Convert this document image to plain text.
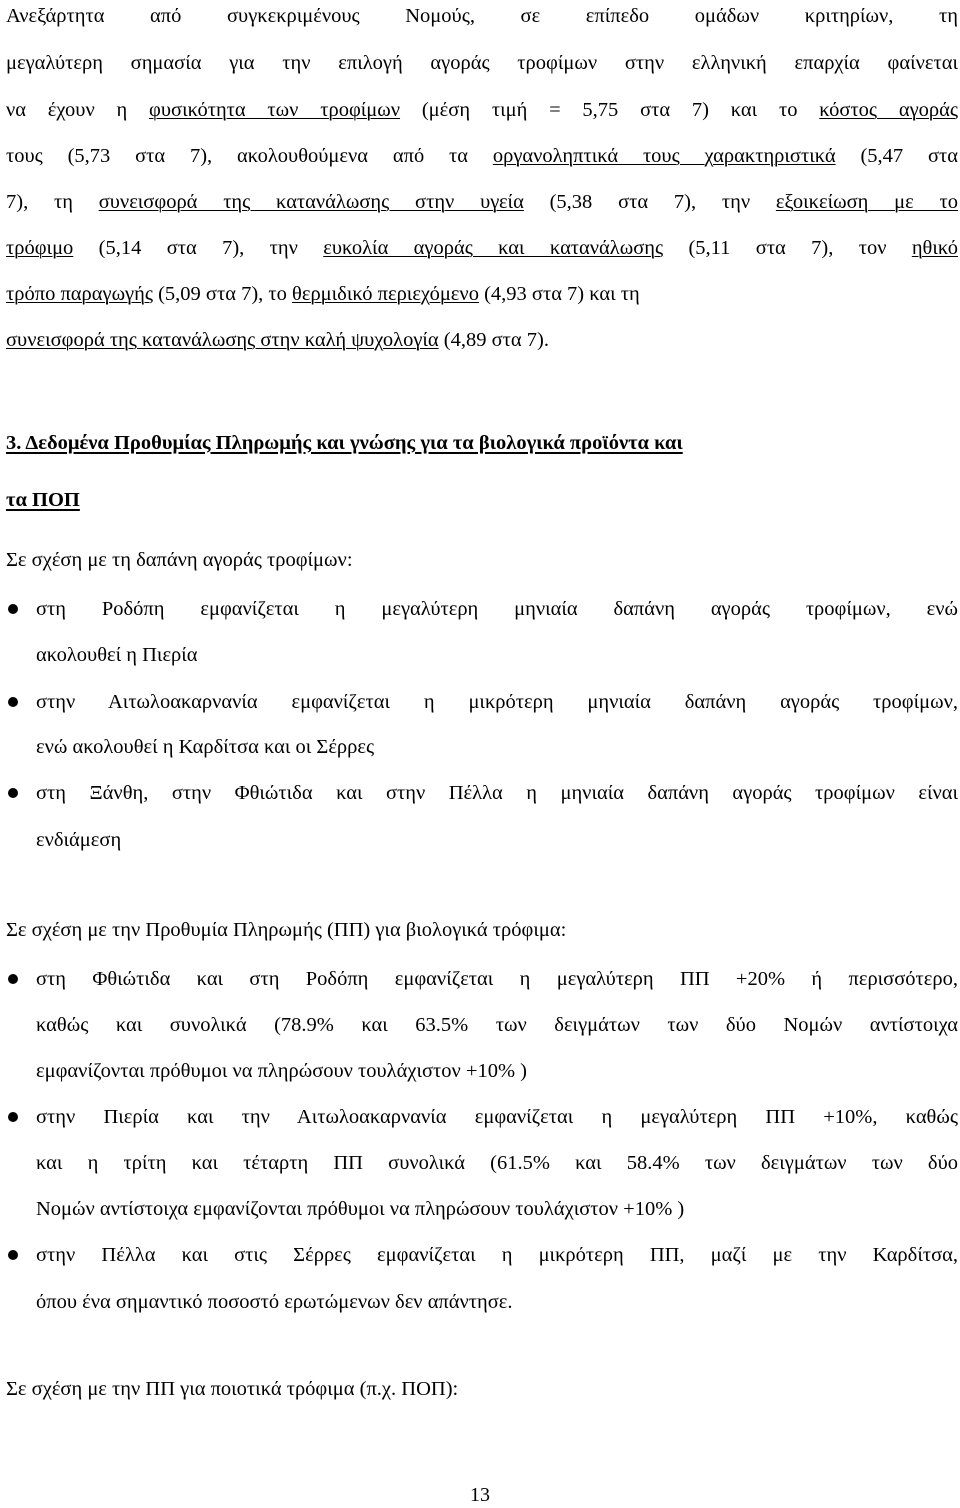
Ανεξάρτητα από συγκεκριμένους Νομούς, σε επίπεδο ομάδων κριτηρίων, τη
μεγαλύτερη σημασία για την επιλογή αγοράς τροφίμων στην ελληνική επαρχία φαίνεται
να έχουν η φυσικότητα των τροφίμων (μέση τιμή = 5,75 στα 7) και το κόστος αγοράς
τους (5,73 στα 7), ακολουθούμενα από τα οργανοληπτικά τους χαρακτηριστικά (5,47 στα
7), τη συνεισφορά της κατανάλωσης στην υγεία (5,38 στα 7), την εξοικείωση με το
τρόφιμο (5,14 στα 7), την ευκολία αγοράς και κατανάλωσης (5,11 στα 7), τον ηθικό
τρόπο παραγωγής (5,09 στα 7), το θερμιδικό περιεχόμενο (4,93 στα 7) και τη
συνεισφορά της κατανάλωσης στην καλή ψυχολογία (4,89 στα 7).
3. Δεδομένα Προθυμίας Πληρωμής και γνώσης για τα βιολογικά προϊόντα και
τα ΠΟΠ
Σε σχέση με τη δαπάνη αγοράς τροφίμων:
στη Ροδόπη εμφανίζεται η μεγαλύτερη μηνιαία δαπάνη αγοράς τροφίμων, ενώ
ακολουθεί η Πιερία
στην Αιτωλοακαρνανία εμφανίζεται η μικρότερη μηνιαία δαπάνη αγοράς τροφίμων,
ενώ ακολουθεί η Καρδίτσα και οι Σέρρες
στη Ξάνθη, στην Φθιώτιδα και στην Πέλλα η μηνιαία δαπάνη αγοράς τροφίμων είναι
ενδιάμεση
Σε σχέση με την Προθυμία Πληρωμής (ΠΠ) για βιολογικά τρόφιμα:
στη Φθιώτιδα και στη Ροδόπη εμφανίζεται η μεγαλύτερη ΠΠ +20% ή περισσότερο,
καθώς και συνολικά (78.9% και 63.5% των δειγμάτων των δύο Νομών αντίστοιχα
εμφανίζονται πρόθυμοι να πληρώσουν τουλάχιστον +10% )
στην Πιερία και την Αιτωλοακαρνανία εμφανίζεται η μεγαλύτερη ΠΠ +10%, καθώς
και η τρίτη και τέταρτη ΠΠ συνολικά (61.5% και 58.4% των δειγμάτων των δύο
Νομών αντίστοιχα εμφανίζονται πρόθυμοι να πληρώσουν τουλάχιστον +10% )
στην Πέλλα και στις Σέρρες εμφανίζεται η μικρότερη ΠΠ, μαζί με την Καρδίτσα,
όπου ένα σημαντικό ποσοστό ερωτώμενων δεν απάντησε.
Σε σχέση με την ΠΠ για ποιοτικά τρόφιμα (π.χ. ΠΟΠ):
13
